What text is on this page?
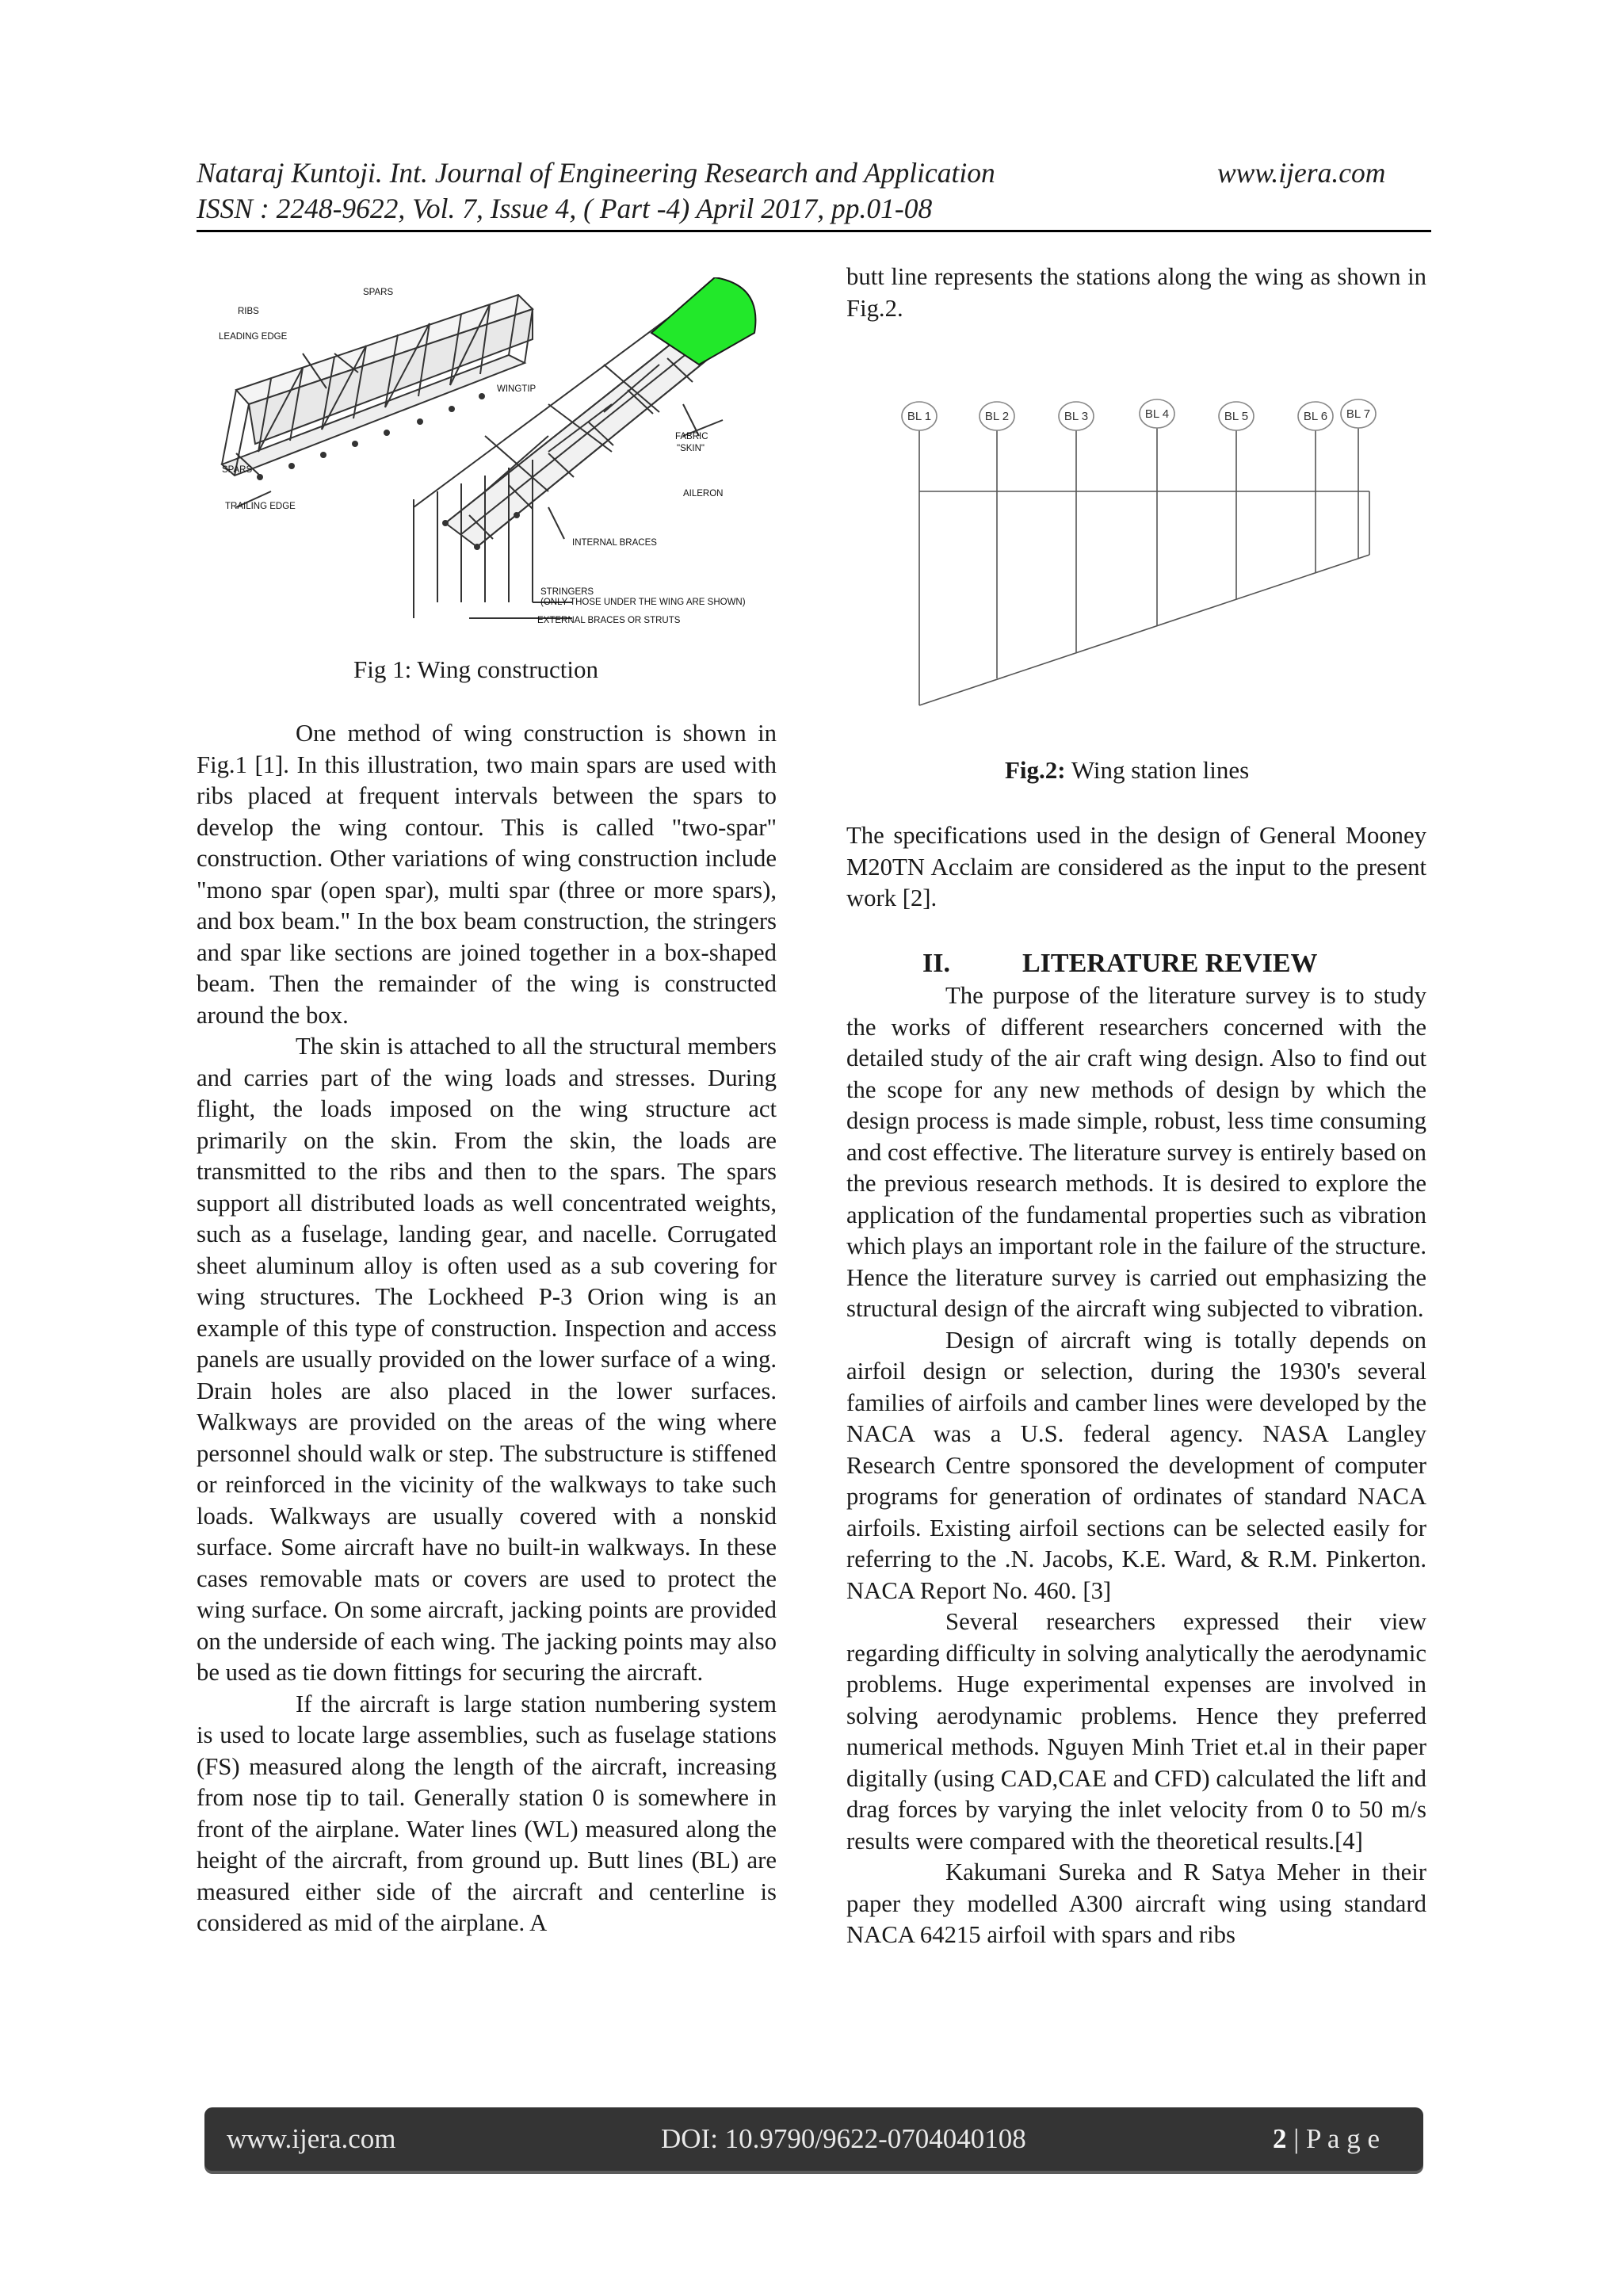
Nataraj Kuntoji. Int. Journal of Engineering Research and Application	www.ijera.com
ISSN : 2248-9622, Vol. 7, Issue 4, ( Part -4) April 2017, pp.01-08
SPARS
RIBS
LEADING EDGE
SPARS
TRAILING EDGE
WINGTIP
FABRIC
"SKIN"
AILERON
INTERNAL BRACES
STRINGERS
(ONLY THOSE UNDER THE WING ARE SHOWN)
EXTERNAL BRACES OR STRUTS
Fig 1: Wing construction

One method of wing construction is shown in Fig.1 [1]. In this illustration, two main spars are used with ribs placed at frequent intervals between the spars to develop the wing contour. This is called "two-spar" construction. Other variations of wing construction include "mono spar (open spar), multi spar (three or more spars), and box beam." In the box beam construction, the stringers and spar like sections are joined together in a box-shaped beam. Then the remainder of the wing is constructed around the box.

The skin is attached to all the structural members and carries part of the wing loads and stresses. During flight, the loads imposed on the wing structure act primarily on the skin. From the skin, the loads are transmitted to the ribs and then to the spars. The spars support all distributed loads as well concentrated weights, such as a fuselage, landing gear, and nacelle. Corrugated sheet aluminum alloy is often used as a sub covering for wing structures. The Lockheed P-3 Orion wing is an example of this type of construction. Inspection and access panels are usually provided on the lower surface of a wing. Drain holes are also placed in the lower surfaces. Walkways are provided on the areas of the wing where personnel should walk or step. The substructure is stiffened or reinforced in the vicinity of the walkways to take such loads. Walkways are usually covered with a nonskid surface. Some aircraft have no built-in walkways. In these cases removable mats or covers are used to protect the wing surface. On some aircraft, jacking points are provided on the underside of each wing. The jacking points may also be used as tie down fittings for securing the aircraft.

If the aircraft is large station numbering system is used to locate large assemblies, such as fuselage stations (FS) measured along the length of the aircraft, increasing from nose tip to tail. Generally station 0 is somewhere in front of the airplane. Water lines (WL) measured along the height of the aircraft, from ground up. Butt lines (BL) are measured either side of the aircraft and centerline is considered as mid of the airplane. A

butt line represents the stations along the wing as shown in Fig.2.

BL 1	BL 2	BL 3	BL 4	BL 5	BL 6 BL 7
Fig.2: Wing station lines

The specifications used in the design of General Mooney M20TN Acclaim are considered as the input to the present work [2].

II.	LITERATURE REVIEW

The purpose of the literature survey is to study the works of different researchers concerned with the detailed study of the air craft wing design. Also to find out the scope for any new methods of design by which the design process is made simple, robust, less time consuming and cost effective. The literature survey is entirely based on the previous research methods. It is desired to explore the application of the fundamental properties such as vibration which plays an important role in the failure of the structure. Hence the literature survey is carried out emphasizing the structural design of the aircraft wing subjected to vibration.

Design of aircraft wing is totally depends on airfoil design or selection, during the 1930's several families of airfoils and camber lines were developed by the NACA was a U.S. federal agency. NASA Langley Research Centre sponsored the development of computer programs for generation of ordinates of standard NACA airfoils. Existing airfoil sections can be selected easily for referring to the .N. Jacobs, K.E. Ward, & R.M. Pinkerton. NACA Report No. 460. [3]

Several researchers expressed their view regarding difficulty in solving analytically the aerodynamic problems. Huge experimental expenses are involved in solving aerodynamic problems. Hence they preferred numerical methods. Nguyen Minh Triet et.al in their paper digitally (using CAD,CAE and CFD) calculated the lift and drag forces by varying the inlet velocity from 0 to 50 m/s results were compared with the theoretical results.[4]

Kakumani Sureka and R Satya Meher in their paper they modelled A300 aircraft wing using standard NACA 64215 airfoil with spars and ribs

www.ijera.com	DOI: 10.9790/9622-0704040108	2 | P a g e
